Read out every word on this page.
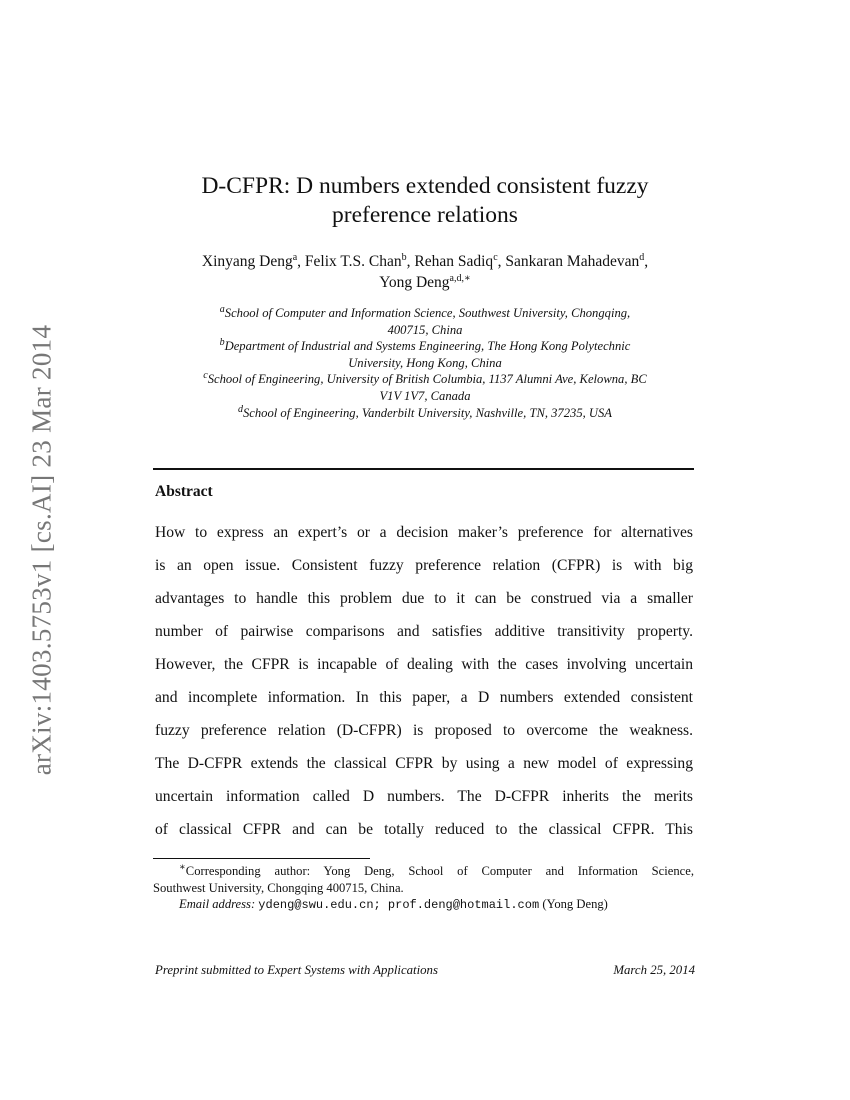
arXiv:1403.5753v1 [cs.AI] 23 Mar 2014
D-CFPR: D numbers extended consistent fuzzy
preference relations
Xinyang Deng$^a$, Felix T.S. Chan$^b$, Rehan Sadiq$^c$, Sankaran Mahadevan$^d$,
Yong Deng$^{a,d,∗}$
$^a$School of Computer and Information Science, Southwest University, Chongqing,
400715, China
$^b$Department of Industrial and Systems Engineering, The Hong Kong Polytechnic
University, Hong Kong, China
$^c$School of Engineering, University of British Columbia, 1137 Alumni Ave, Kelowna, BC
V1V 1V7, Canada
$^d$School of Engineering, Vanderbilt University, Nashville, TN, 37235, USA
Abstract
How to express an expert’s or a decision maker’s preference for alternatives
is an open issue. Consistent fuzzy preference relation (CFPR) is with big
advantages to handle this problem due to it can be construed via a smaller
number of pairwise comparisons and satisfies additive transitivity property.
However, the CFPR is incapable of dealing with the cases involving uncertain
and incomplete information. In this paper, a D numbers extended consistent
fuzzy preference relation (D-CFPR) is proposed to overcome the weakness.
The D-CFPR extends the classical CFPR by using a new model of expressing
uncertain information called D numbers. The D-CFPR inherits the merits
of classical CFPR and can be totally reduced to the classical CFPR. This
∗Corresponding author: Yong Deng, School of Computer and Information Science,
Southwest University, Chongqing 400715, China.
Email address: ydeng@swu.edu.cn; prof.deng@hotmail.com (Yong Deng)
Preprint submitted to Expert Systems with Applications	March 25, 2014
